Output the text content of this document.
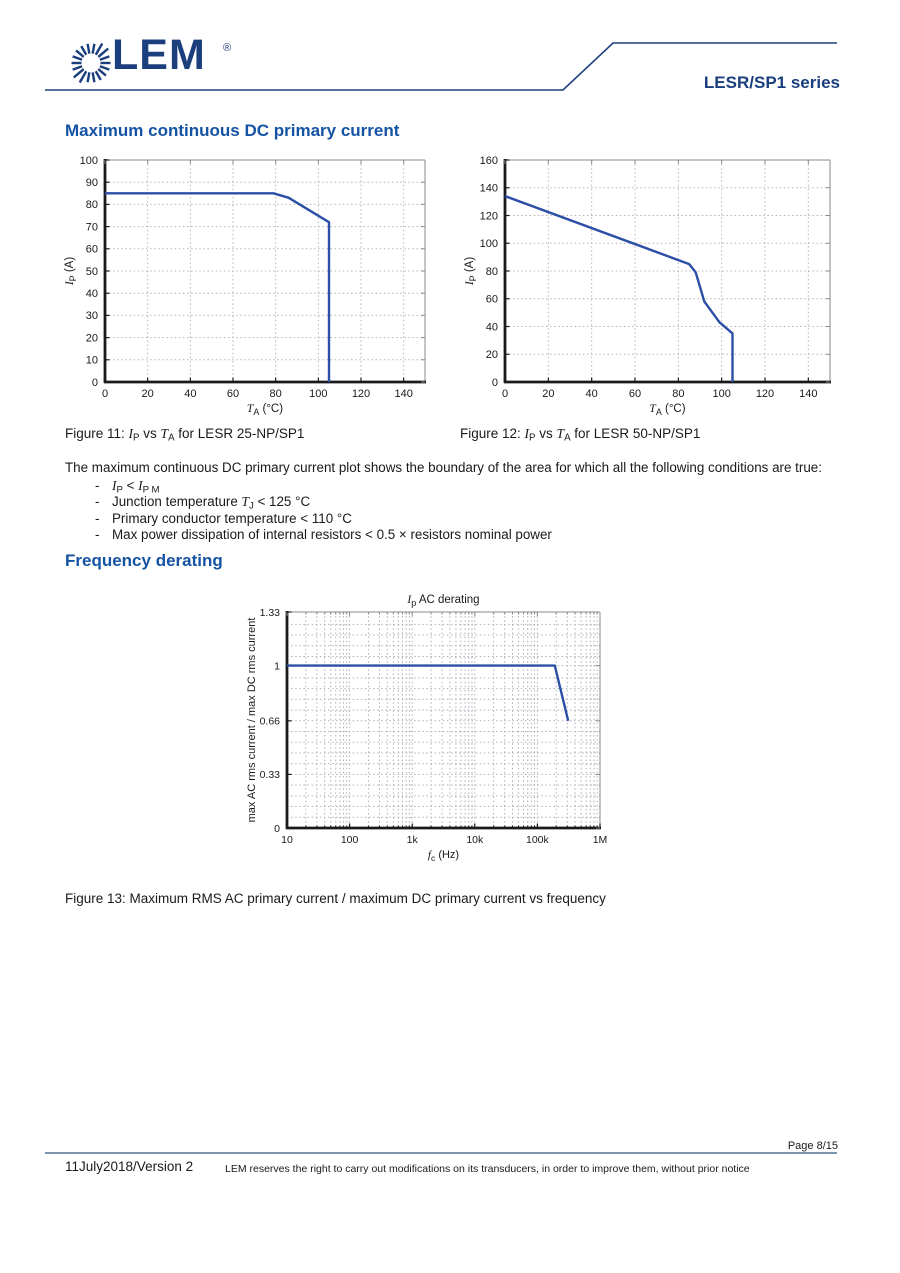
LEM ®
LESR/SP1 series
Maximum continuous DC primary current
0	20	40	60	80 100 120 140
0
10
20
30
40
50
60
70
80
90
100
$T_A$ (°C)
$I_P$ (A)
0	20	40	60	80	100 120 140
0
20
40
60
80
100
120
140
160
$T_A$ (°C)
$I_P$ (A)
Figure 11: $I_P$ vs $T_A$ for LESR 25-NP/SP1	Figure 12: $I_P$ vs $T_A$ for LESR 50-NP/SP1
The maximum continuous DC primary current plot shows the boundary of the area for which all the following conditions are true:
- $I_P < I_{P M}$
- Junction temperature $T_J < 125$ °C
- Primary conductor temperature < 110 °C
- Max power dissipation of internal resistors < 0.5 × resistors nominal power
Frequency derating
10	100	1k	10k	100k	1M
0
0.33
0.66
1
1.33
$f_c$ (Hz)
max AC rms current / max DC rms current
$I_p$ AC derating
Figure 13: Maximum RMS AC primary current / maximum DC primary current vs frequency
Page 8/15
11July2018/Version 2	LEM reserves the right to carry out modifications on its transducers, in order to improve them, without prior notice
